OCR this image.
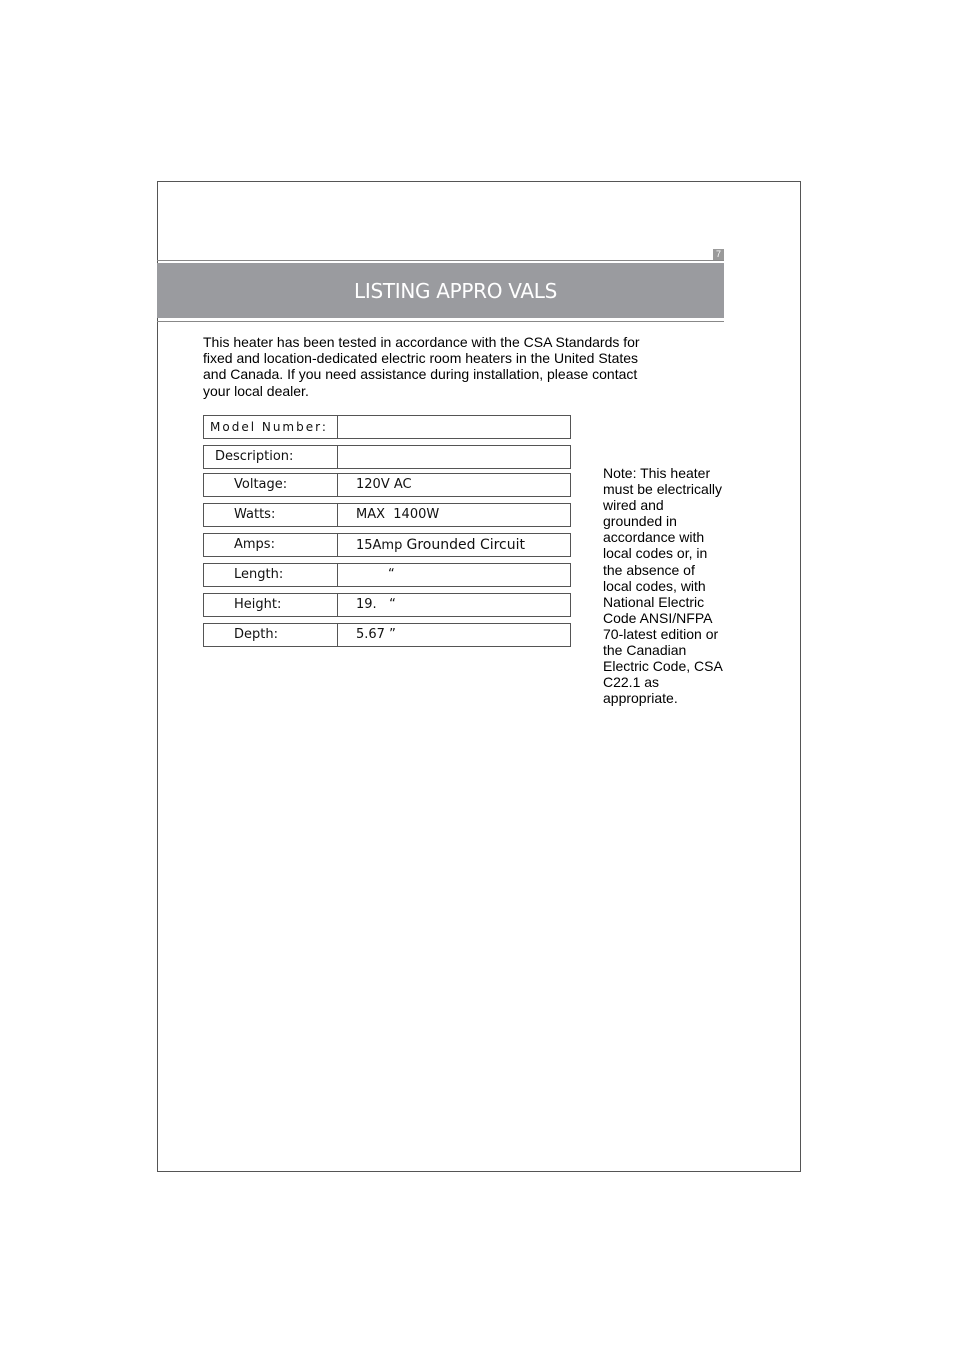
7
LISTING APPRO VALS
This heater has been tested in accordance with the CSA Standards for fixed and location-dedicated electric room heaters in the United States and Canada. If you need assistance during installation, please contact your local dealer.
Model Number:
Description:
Voltage:	120V AC
Watts:	MAX 1400W
Amps:	15Amp Grounded Circuit
Length:	“
Height:	19.   “
Depth:	5.67 ”
Note: This heater must be electrically wired and grounded in accordance with local codes or, in the absence of local codes, with National Electric Code ANSI/NFPA 70-latest edition or the Canadian Electric Code, CSA C22.1 as appropriate.
